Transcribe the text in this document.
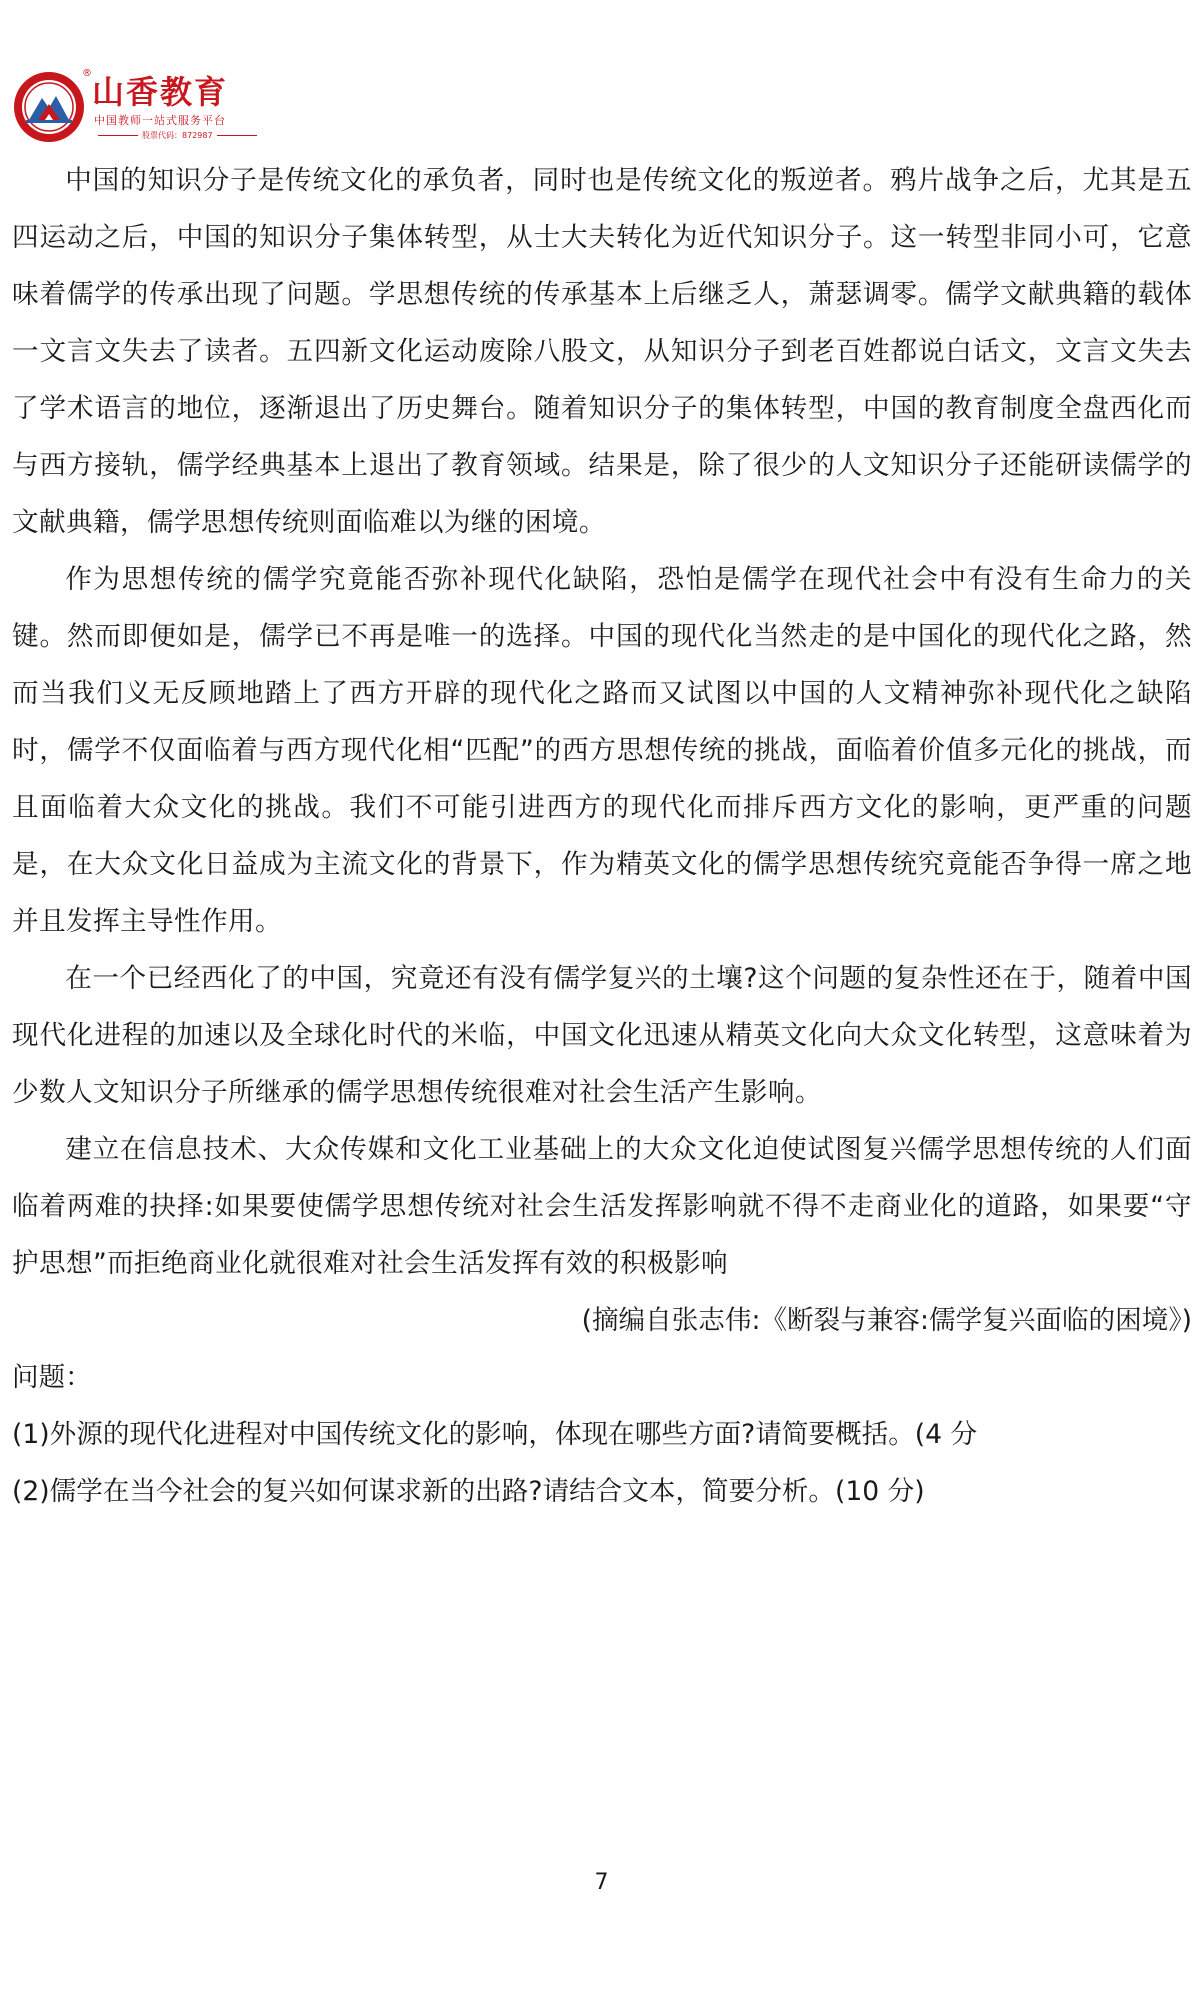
® 山香教育
中国教师一站式服务平台
股票代码：872987

中国的知识分子是传统文化的承负者，同时也是传统文化的叛逆者。鸦片战争之后，尤其是五四运动之后，中国的知识分子集体转型，从士大夫转化为近代知识分子。这一转型非同小可，它意味着儒学的传承出现了问题。学思想传统的传承基本上后继乏人，萧瑟调零。儒学文献典籍的载体一文言文失去了读者。五四新文化运动废除八股文，从知识分子到老百姓都说白话文，文言文失去了学术语言的地位，逐渐退出了历史舞台。随着知识分子的集体转型，中国的教育制度全盘西化而与西方接轨，儒学经典基本上退出了教育领域。结果是，除了很少的人文知识分子还能研读儒学的文献典籍，儒学思想传统则面临难以为继的困境。

作为思想传统的儒学究竟能否弥补现代化缺陷，恐怕是儒学在现代社会中有没有生命力的关键。然而即便如是，儒学已不再是唯一的选择。中国的现代化当然走的是中国化的现代化之路，然而当我们义无反顾地踏上了西方开辟的现代化之路而又试图以中国的人文精神弥补现代化之缺陷时，儒学不仅面临着与西方现代化相“匹配”的西方思想传统的挑战，面临着价值多元化的挑战，而且面临着大众文化的挑战。我们不可能引进西方的现代化而排斥西方文化的影响，更严重的问题是，在大众文化日益成为主流文化的背景下，作为精英文化的儒学思想传统究竟能否争得一席之地并且发挥主导性作用。

在一个已经西化了的中国，究竟还有没有儒学复兴的土壤?这个问题的复杂性还在于，随着中国现代化进程的加速以及全球化时代的米临，中国文化迅速从精英文化向大众文化转型，这意味着为少数人文知识分子所继承的儒学思想传统很难对社会生活产生影响。

建立在信息技术、大众传媒和文化工业基础上的大众文化迫使试图复兴儒学思想传统的人们面临着两难的抉择:如果要使儒学思想传统对社会生活发挥影响就不得不走商业化的道路，如果要“守护思想”而拒绝商业化就很难对社会生活发挥有效的积极影响

(摘编自张志伟:《断裂与兼容:儒学复兴面临的困境》)

问题：

(1)外源的现代化进程对中国传统文化的影响，体现在哪些方面?请简要概括。(4 分

(2)儒学在当今社会的复兴如何谋求新的出路?请结合文本，简要分析。(10 分)

7
